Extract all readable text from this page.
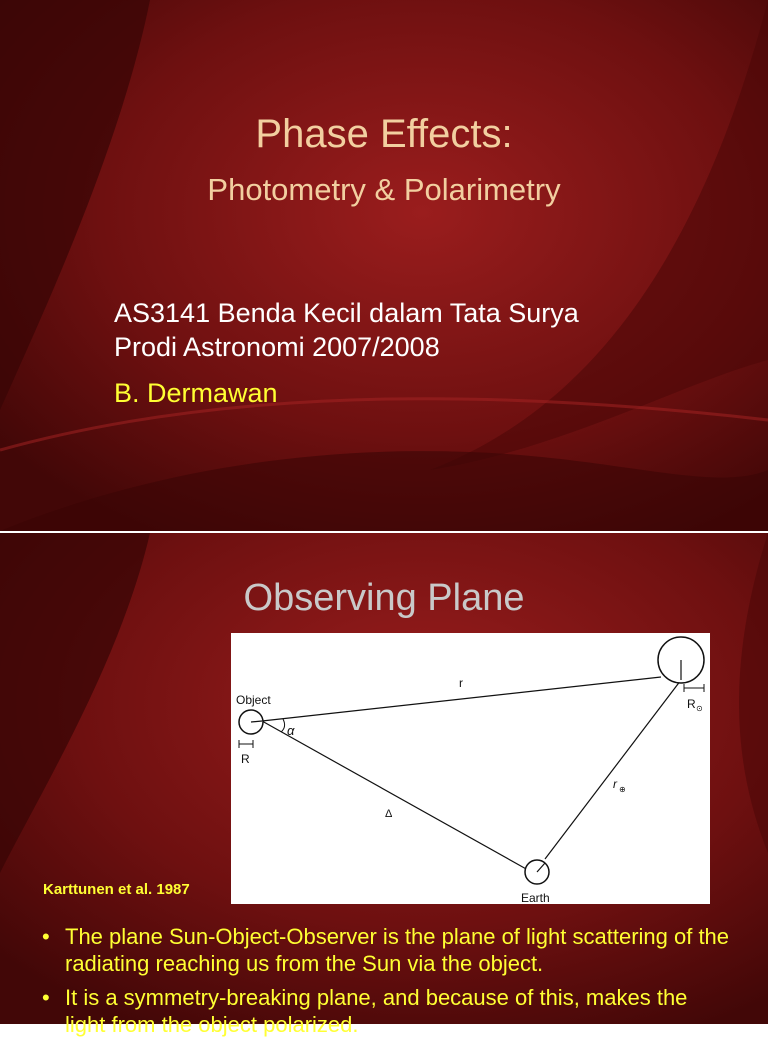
Phase Effects:
Photometry & Polarimetry
AS3141 Benda Kecil dalam Tata Surya
Prodi Astronomi 2007/2008
B. Dermawan
Observing Plane
Object
r
α
R
Δ
r ⊕
R ⊙
Earth
Karttunen et al. 1987
• The plane Sun-Object-Observer is the plane of light scattering of the radiating reaching us from the Sun via the object.
• It is a symmetry-breaking plane, and because of this, makes the light from the object polarized.
